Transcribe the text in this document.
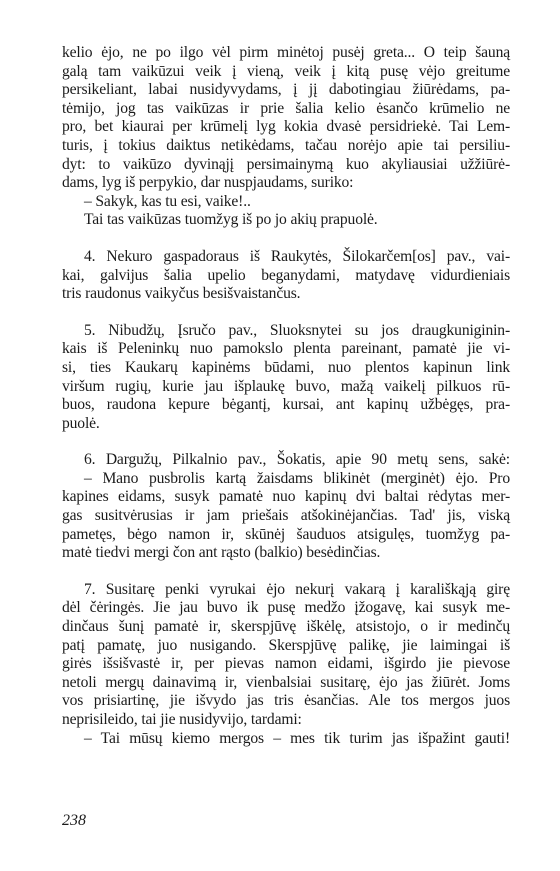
kelio ėjo, ne po ilgo vėl pirm minėtoj pusėj greta... O teip šauną
galą tam vaikūzui veik į vieną, veik į kitą pusę vėjo greitume
persikeliant, labai nusidyvydams, į jį dabotingiau žiūrėdams, pa-
tėmijo, jog tas vaikūzas ir prie šalia kelio ėsančo krūmelio ne
pro, bet kiaurai per krūmelį lyg kokia dvasė persidriekė. Tai Lem-
turis, į tokius daiktus netikėdams, tačau norėjo apie tai persiliu-
dyt: to vaikūzo dyvinąjį persimainymą kuo akyliausiai užžiūrė-
dams, lyg iš perpykio, dar nuspjaudams, suriko:
– Sakyk, kas tu esi, vaike!..
Tai tas vaikūzas tuomžyg iš po jo akių prapuolė.
4. Nekuro gaspadoraus iš Raukytės, Šilokarčem[os] pav., vai-
kai, galvijus šalia upelio beganydami, matydavę vidurdieniais
tris raudonus vaikyčus besišvaistančus.
5. Nibudžų, Įsručo pav., Sluoksnytei su jos draugkuniginin-
kais iš Peleninkų nuo pamokslo plenta pareinant, pamatė jie vi-
si, ties Kaukarų kapinėms būdami, nuo plentos kapinun link
viršum rugių, kurie jau išplaukę buvo, mažą vaikelį pilkuos rū-
buos, raudona kepure bėgantį, kursai, ant kapinų užbėgęs, pra-
puolė.
6. Dargužų, Pilkalnio pav., Šokatis, apie 90 metų sens, sakė:
– Mano pusbrolis kartą žaisdams blikinėt (merginėt) ėjo. Pro
kapines eidams, susyk pamatė nuo kapinų dvi baltai rėdytas mer-
gas susitvėrusias ir jam priešais atšokinėjančias. Tad' jis, viską
pametęs, bėgo namon ir, skūnėj šauduos atsigulęs, tuomžyg pa-
matė tiedvi mergi čon ant rąsto (balkio) besėdinčias.
7. Susitarę penki vyrukai ėjo nekurį vakarą į karališkąją girę
dėl čėringės. Jie jau buvo ik pusę medžo įžogavę, kai susyk me-
dinčaus šunį pamatė ir, skerspjūvę iškėlę, atsistojo, o ir medinčų
patį pamatę, juo nusigando. Skerspjūvę palikę, jie laimingai iš
girės išsišvastė ir, per pievas namon eidami, išgirdo jie pievose
netoli mergų dainavimą ir, vienbalsiai susitarę, ėjo jas žiūrėt. Joms
vos prisiartinę, jie išvydo jas tris ėsančias. Ale tos mergos juos
neprisileido, tai jie nusidyvijo, tardami:
– Tai mūsų kiemo mergos – mes tik turim jas išpažint gauti!
238
